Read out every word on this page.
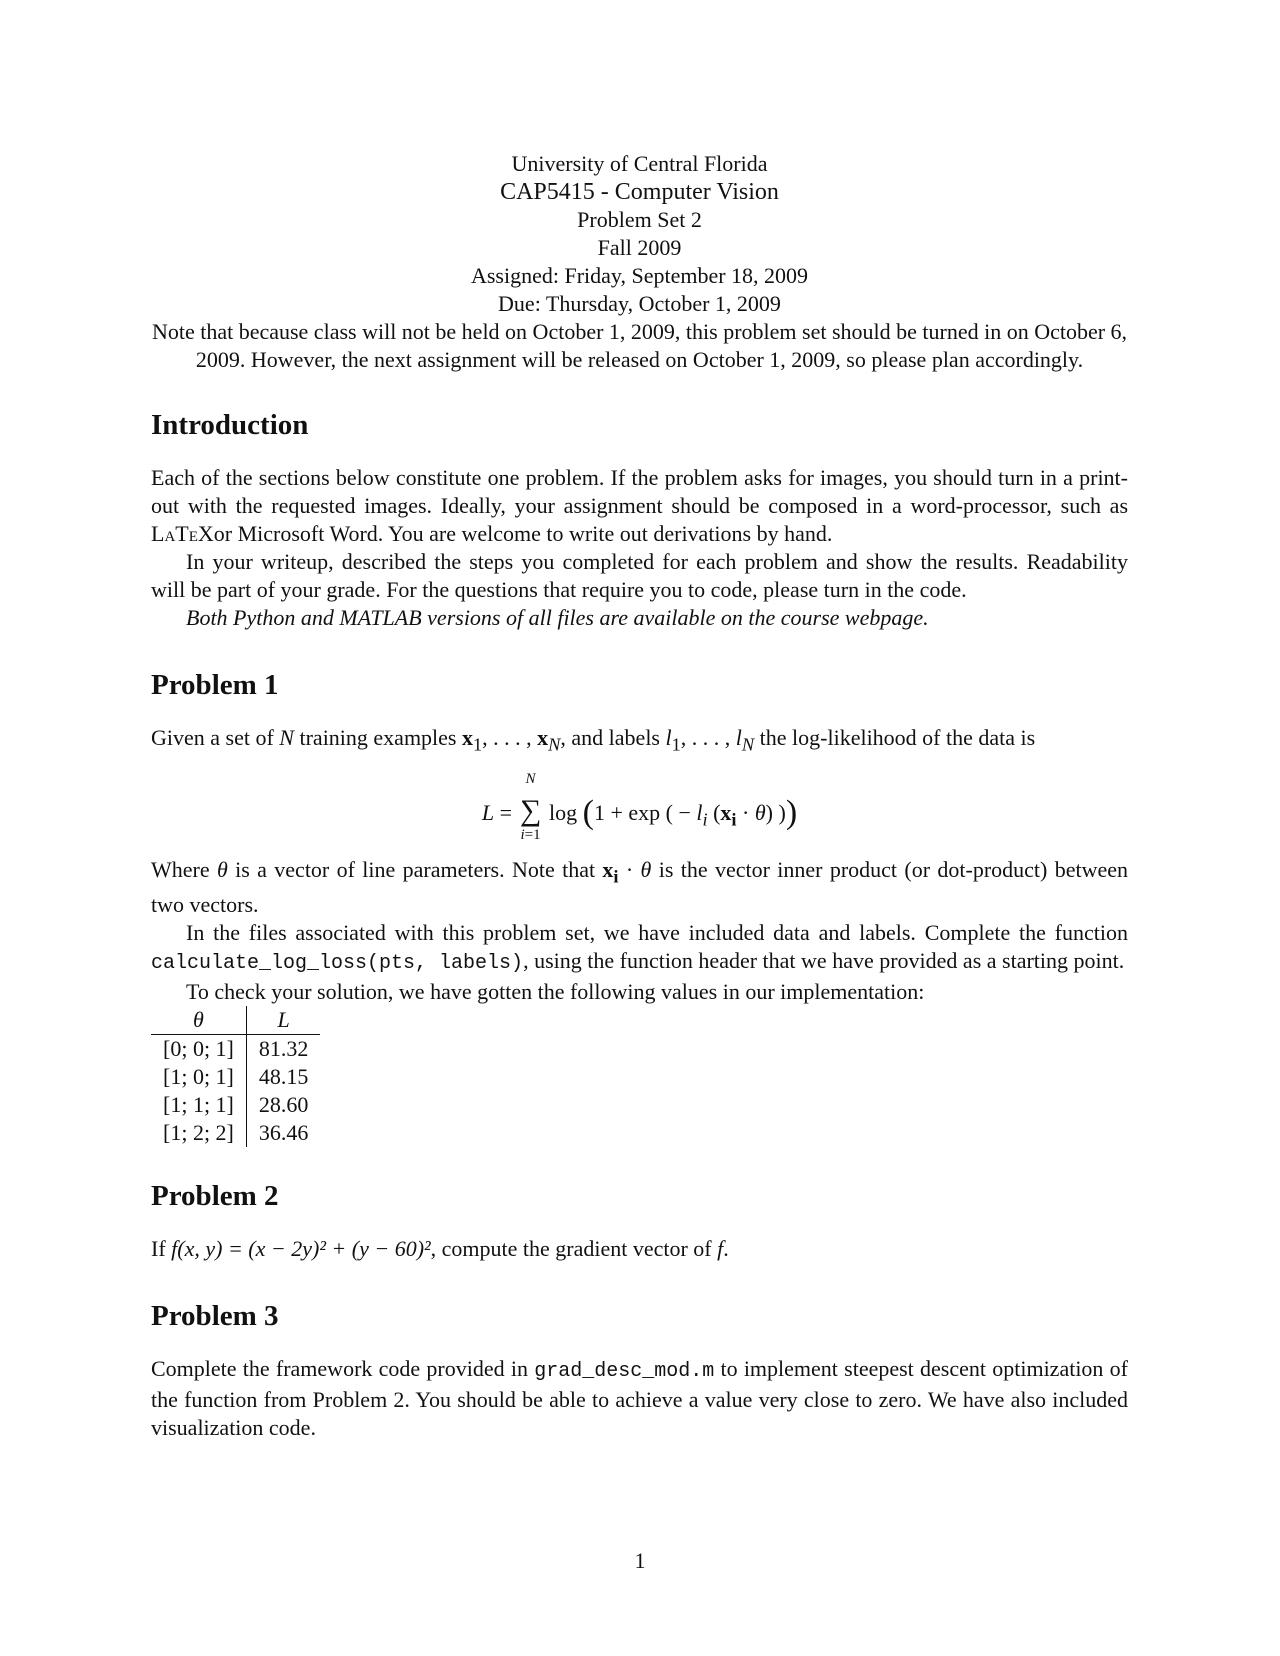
University of Central Florida
CAP5415 - Computer Vision
Problem Set 2
Fall 2009
Assigned: Friday, September 18, 2009
Due: Thursday, October 1, 2009
Note that because class will not be held on October 1, 2009, this problem set should be turned in on October 6, 2009. However, the next assignment will be released on October 1, 2009, so please plan accordingly.
Introduction

Each of the sections below constitute one problem. If the problem asks for images, you should turn in a print-out with the requested images. Ideally, your assignment should be composed in a word-processor, such as LaTeXor Microsoft Word. You are welcome to write out derivations by hand.

In your writeup, described the steps you completed for each problem and show the results. Readability will be part of your grade. For the questions that require you to code, please turn in the code.

Both Python and MATLAB versions of all files are available on the course webpage.

Problem 1

Given a set of N training examples $x_1$, . . . , $x_N$, and labels $l_1$, . . . , $l_N$ the log-likelihood of the data is

L =
N
∑
i=1
log (1 + exp ( − $l_i$ $(x_i \cdot \theta)$ ))

Where θ is a vector of line parameters. Note that $x_i \cdot \theta$ is the vector inner product (or dot-product) between two vectors.

In the files associated with this problem set, we have included data and labels. Complete the function calculate_log_loss(pts, labels), using the function header that we have provided as a starting point.

To check your solution, we have gotten the following values in our implementation:

θ	L
[0; 0; 1]	81.32
[1; 0; 1]	48.15
[1; 1; 1]	28.60
[1; 2; 2]	36.46
Problem 2

If f(x, y) = (x − 2y)² + (y − 60)², compute the gradient vector of f.

Problem 3

Complete the framework code provided in grad_desc_mod.m to implement steepest descent optimization of the function from Problem 2. You should be able to achieve a value very close to zero. We have also included visualization code.

1
